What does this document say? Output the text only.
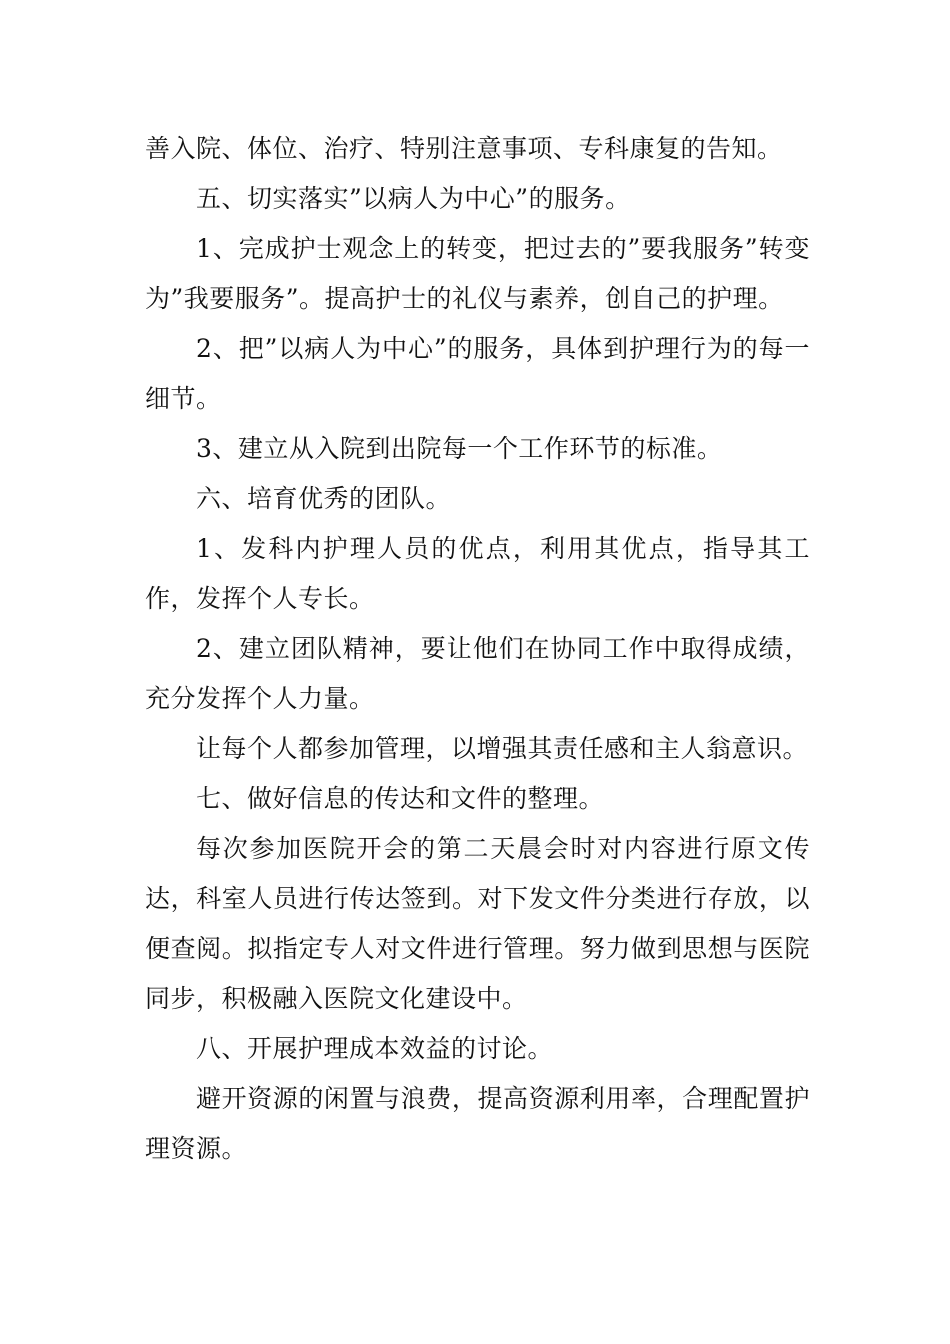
善入院、体位、治疗、特别注意事项、专科康复的告知。

五、切实落实”以病人为中心”的服务。

1、完成护士观念上的转变，把过去的”要我服务”转变为”我要服务”。提高护士的礼仪与素养，创自己的护理。

2、把”以病人为中心”的服务，具体到护理行为的每一细节。

3、建立从入院到出院每一个工作环节的标准。

六、培育优秀的团队。

1、发科内护理人员的优点，利用其优点，指导其工作，发挥个人专长。

2、建立团队精神，要让他们在协同工作中取得成绩，充分发挥个人力量。

让每个人都参加管理，以增强其责任感和主人翁意识。

七、做好信息的传达和文件的整理。

每次参加医院开会的第二天晨会时对内容进行原文传达，科室人员进行传达签到。对下发文件分类进行存放，以便查阅。拟指定专人对文件进行管理。努力做到思想与医院同步，积极融入医院文化建设中。

八、开展护理成本效益的讨论。

避开资源的闲置与浪费，提高资源利用率，合理配置护理资源。
